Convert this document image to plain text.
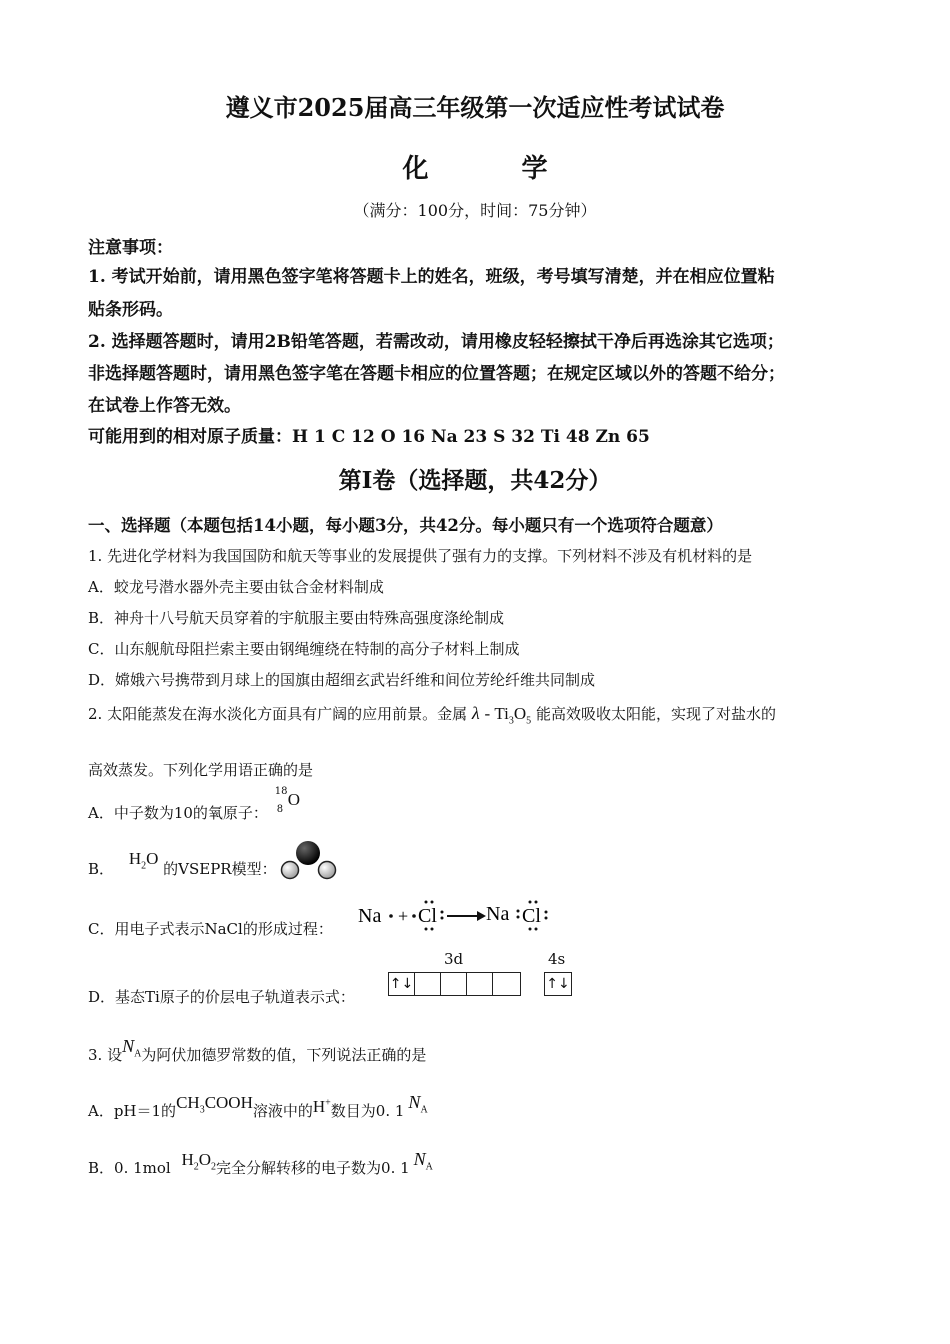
遵义市2025届高三年级第一次适应性考试试卷
化	学
（满分：100分，时间：75分钟）
注意事项：
1. 考试开始前，请用黑色签字笔将答题卡上的姓名，班级，考号填写清楚，并在相应位置粘
贴条形码。
2. 选择题答题时，请用2B铅笔答题，若需改动，请用橡皮轻轻擦拭干净后再选涂其它选项；
非选择题答题时，请用黑色签字笔在答题卡相应的位置答题；在规定区域以外的答题不给分；
在试卷上作答无效。
可能用到的相对原子质量：H 1 C 12 O 16 Na 23 S 32 Ti 48 Zn 65
第Ⅰ卷（选择题，共42分）
一、选择题（本题包括14小题，每小题3分，共42分。每小题只有一个选项符合题意）
1. 先进化学材料为我国国防和航天等事业的发展提供了强有力的支撑。下列材料不涉及有机材料的是
A．蛟龙号潜水器外壳主要由钛合金材料制成
B．神舟十八号航天员穿着的宇航服主要由特殊高强度涤纶制成
C．山东舰航母阻拦索主要由钢绳缠绕在特制的高分子材料上制成
D．嫦娥六号携带到月球上的国旗由超细玄武岩纤维和间位芳纶纤维共同制成
2. 太阳能蒸发在海水淡化方面具有广阔的应用前景。金属 λ - $Ti_3O_5$ 能高效吸收太阳能，实现了对盐水的
高效蒸发。下列化学用语正确的是
A．中子数为10的氧原子：
18
8
O
B． $H_2O$ 的VSEPR模型：
C．用电子式表示NaCl的形成过程：
Na + Cl Na Cl
D．基态Ti原子的价层电子轨道表示式：
3d	4s
↑↓	↑↓
3. 设$N_A$为阿伏加德罗常数的值，下列说法正确的是
A．pH＝1的$CH_3COOH$溶液中的H+数目为0. 1 $N_A$
B．0. 1mol $H_2O_2$完全分解转移的电子数为0. 1 $N_A$
